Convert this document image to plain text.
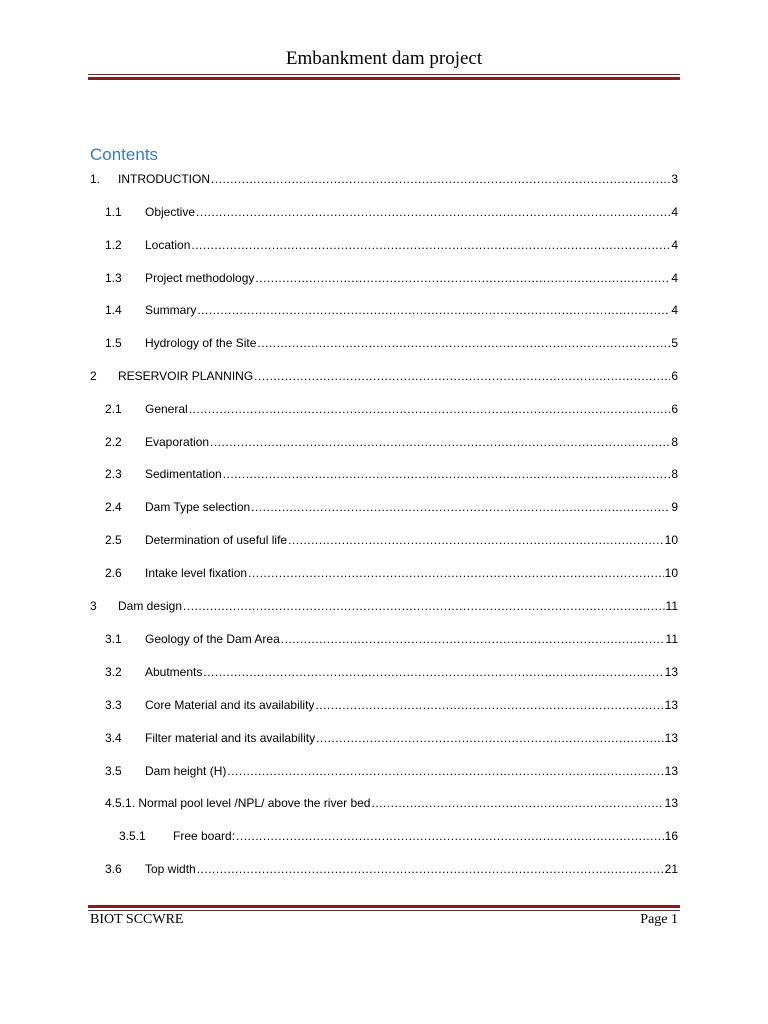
Embankment dam project
Contents
1.	INTRODUCTION .....	3
1.1	Objective .....	4
1.2	Location .....	4
1.3	Project methodology .....	4
1.4	Summary .....	4
1.5	Hydrology of the Site .....	5
2	RESERVOIR PLANNING .....	6
2.1	General .....	6
2.2	Evaporation .....	8
2.3	Sedimentation .....	8
2.4	Dam Type selection .....	9
2.5	Determination of useful life .....	10
2.6	Intake level fixation .....	10
3	Dam design .....	11
3.1	Geology of the Dam Area .....	11
3.2	Abutments .....	13
3.3	Core Material and its availability .....	13
3.4	Filter material and its availability .....	13
3.5	Dam height (H) .....	13
4.5.1. Normal pool level /NPL/ above the river bed .....	13
3.5.1	Free board: .....	16
3.6	Top width .....	21
BIOT SCCWRE	Page 1
